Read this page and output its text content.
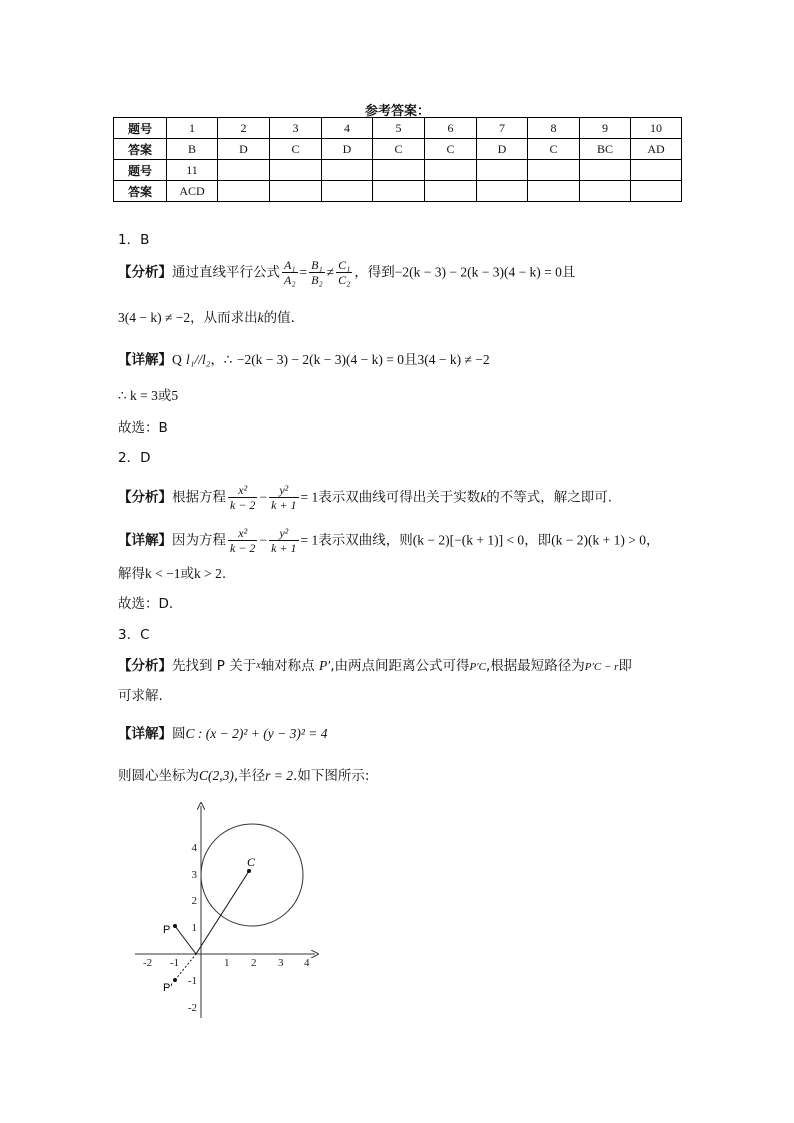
参考答案：
题号	1	2	3	4	5	6	7	8	9	10
答案	B	D	C	D	C	C	D	C	BC	AD
题号	11									
答案	ACD									
1．B
【分析】通过直线平行公式 $\frac{\text{A₁}}{\text{A₂}} = \frac{\text{B₁}}{\text{B₂}} \ne \frac{\text{C₁}}{\text{C₂}}$ ，得到−2(k − 3) − 2(k − 3)(4 − k) = 0且
3(4 − k) ≠ −2，从而求出k的值.
【详解】Q l₁//l₂，∴ −2(k − 3) − 2(k − 3)(4 − k) = 0且3(4 − k) ≠ −2
∴ k = 3或5
故选：B
2．D
【分析】根据方程 $\frac{\text{x²}}{k - 2} - \frac{\text{y²}}{k + 1} = 1$表示双曲线可得出关于实数k的不等式，解之即可.
【详解】因为方程 $\frac{\text{x²}}{k - 2} - \frac{\text{y²}}{k + 1} = 1$表示双曲线，则(k − 2)[−(k + 1)] < 0，即(k − 2)(k + 1) > 0，
解得k < −1或k > 2.
故选：D.
3．C
【分析】先找到 P 关于x轴对称点 P′,由两点间距离公式可得P′C,根据最短路径为P′C − r即
可求解.
【详解】圆C : (x − 2)² + (y − 3)² = 4
则圆心坐标为C(2,3),半径r = 2.如下图所示:
-2 -1	1 2 3 4
4
3
2
1
-1
-2
C
P
P′
